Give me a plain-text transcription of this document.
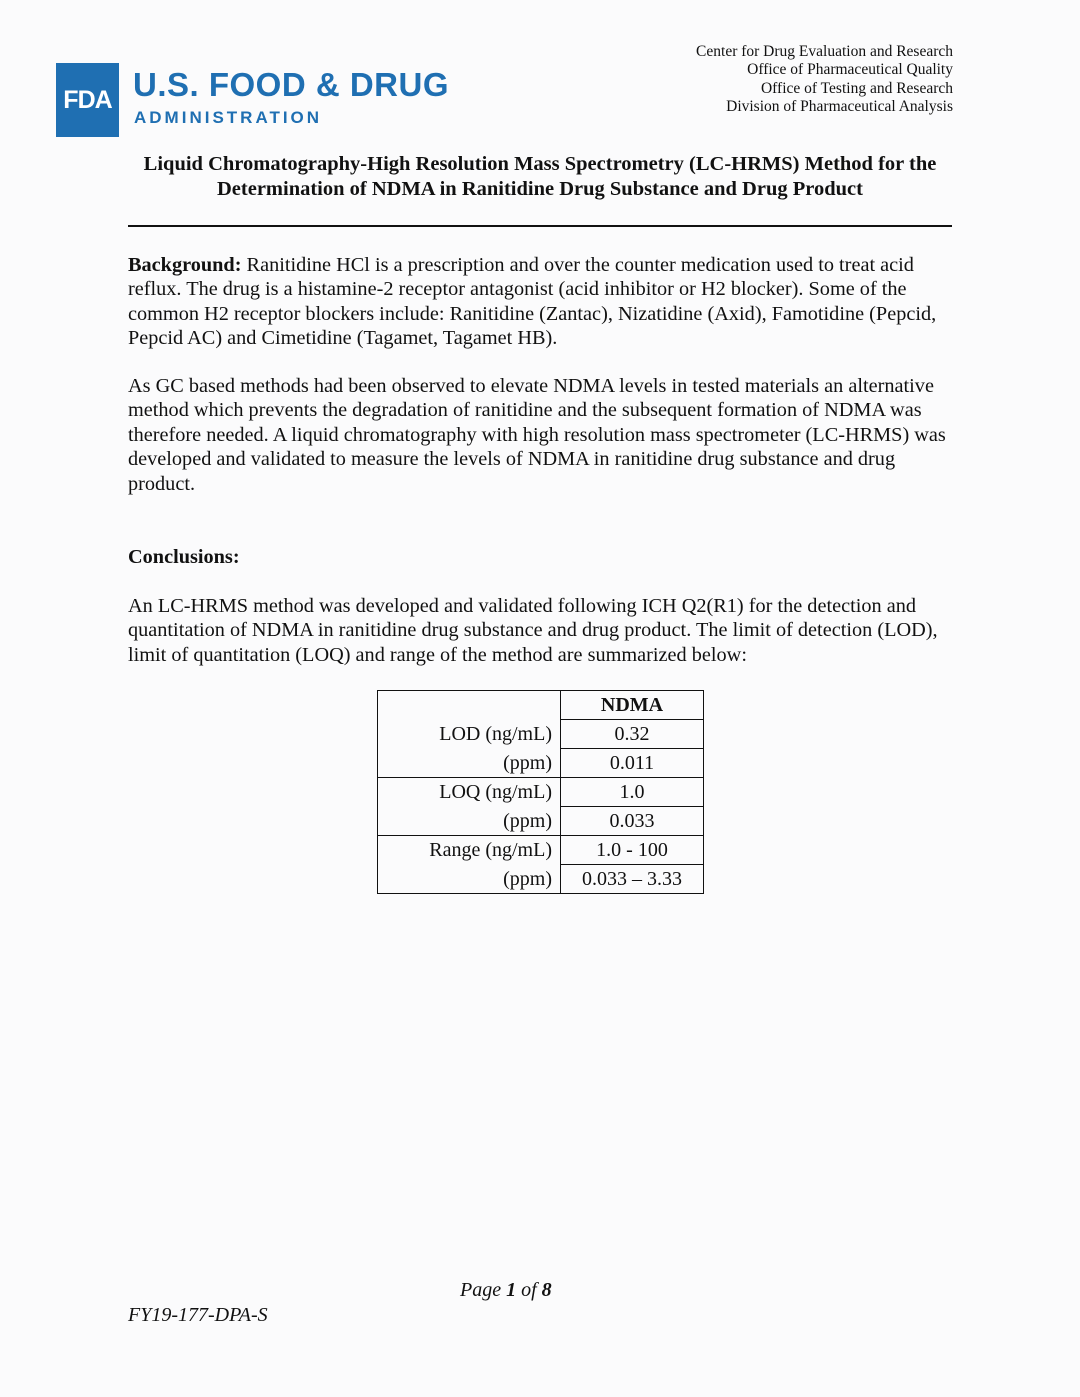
FDA U.S. FOOD & DRUG
ADMINISTRATION
Center for Drug Evaluation and Research
Office of Pharmaceutical Quality
Office of Testing and Research
Division of Pharmaceutical Analysis
Liquid Chromatography-High Resolution Mass Spectrometry (LC-HRMS) Method for the
Determination of NDMA in Ranitidine Drug Substance and Drug Product
Background: Ranitidine HCl is a prescription and over the counter medication used to treat acid reflux. The drug is a histamine-2 receptor antagonist (acid inhibitor or H2 blocker). Some of the common H2 receptor blockers include: Ranitidine (Zantac), Nizatidine (Axid), Famotidine (Pepcid, Pepcid AC) and Cimetidine (Tagamet, Tagamet HB).
As GC based methods had been observed to elevate NDMA levels in tested materials an alternative method which prevents the degradation of ranitidine and the subsequent formation of NDMA was therefore needed. A liquid chromatography with high resolution mass spectrometer (LC-HRMS) was developed and validated to measure the levels of NDMA in ranitidine drug substance and drug product.
Conclusions:
An LC-HRMS method was developed and validated following ICH Q2(R1) for the detection and quantitation of NDMA in ranitidine drug substance and drug product. The limit of detection (LOD), limit of quantitation (LOQ) and range of the method are summarized below:
	NDMA
LOD (ng/mL)	0.32
(ppm)	0.011
LOQ (ng/mL)	1.0
(ppm)	0.033
Range (ng/mL)	1.0 - 100
(ppm)	0.033 – 3.33
Page 1 of 8
FY19-177-DPA-S
